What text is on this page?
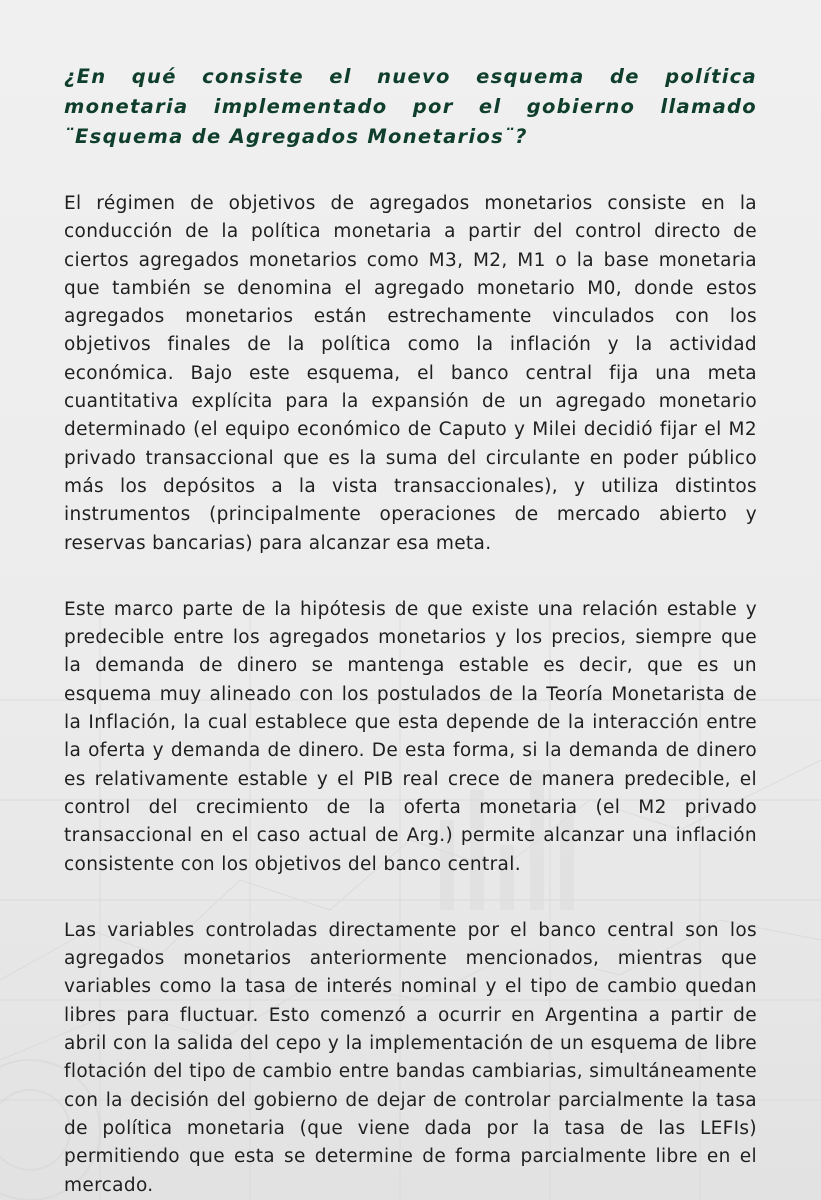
¿En qué consiste el nuevo esquema de política monetaria implementado por el gobierno llamado ¨Esquema de Agregados Monetarios¨?

El régimen de objetivos de agregados monetarios consiste en la conducción de la política monetaria a partir del control directo de ciertos agregados monetarios como M3, M2, M1 o la base monetaria que también se denomina el agregado monetario M0, donde estos agregados monetarios están estrechamente vinculados con los objetivos finales de la política como la inflación y la actividad económica. Bajo este esquema, el banco central fija una meta cuantitativa explícita para la expansión de un agregado monetario determinado (el equipo económico de Caputo y Milei decidió fijar el M2 privado transaccional que es la suma del circulante en poder público más los depósitos a la vista transaccionales), y utiliza distintos instrumentos (principalmente operaciones de mercado abierto y reservas bancarias) para alcanzar esa meta.

Este marco parte de la hipótesis de que existe una relación estable y predecible entre los agregados monetarios y los precios, siempre que la demanda de dinero se mantenga estable es decir, que es un esquema muy alineado con los postulados de la Teoría Monetarista de la Inflación, la cual establece que esta depende de la interacción entre la oferta y demanda de dinero. De esta forma, si la demanda de dinero es relativamente estable y el PIB real crece de manera predecible, el control del crecimiento de la oferta monetaria (el M2 privado transaccional en el caso actual de Arg.) permite alcanzar una inflación consistente con los objetivos del banco central.

Las variables controladas directamente por el banco central son los agregados monetarios anteriormente mencionados, mientras que variables como la tasa de interés nominal y el tipo de cambio quedan libres para fluctuar. Esto comenzó a ocurrir en Argentina a partir de abril con la salida del cepo y la implementación de un esquema de libre flotación del tipo de cambio entre bandas cambiarias, simultáneamente con la decisión del gobierno de dejar de controlar parcialmente la tasa de política monetaria (que viene dada por la tasa de las LEFIs) permitiendo que esta se determine de forma parcialmente libre en el mercado.
